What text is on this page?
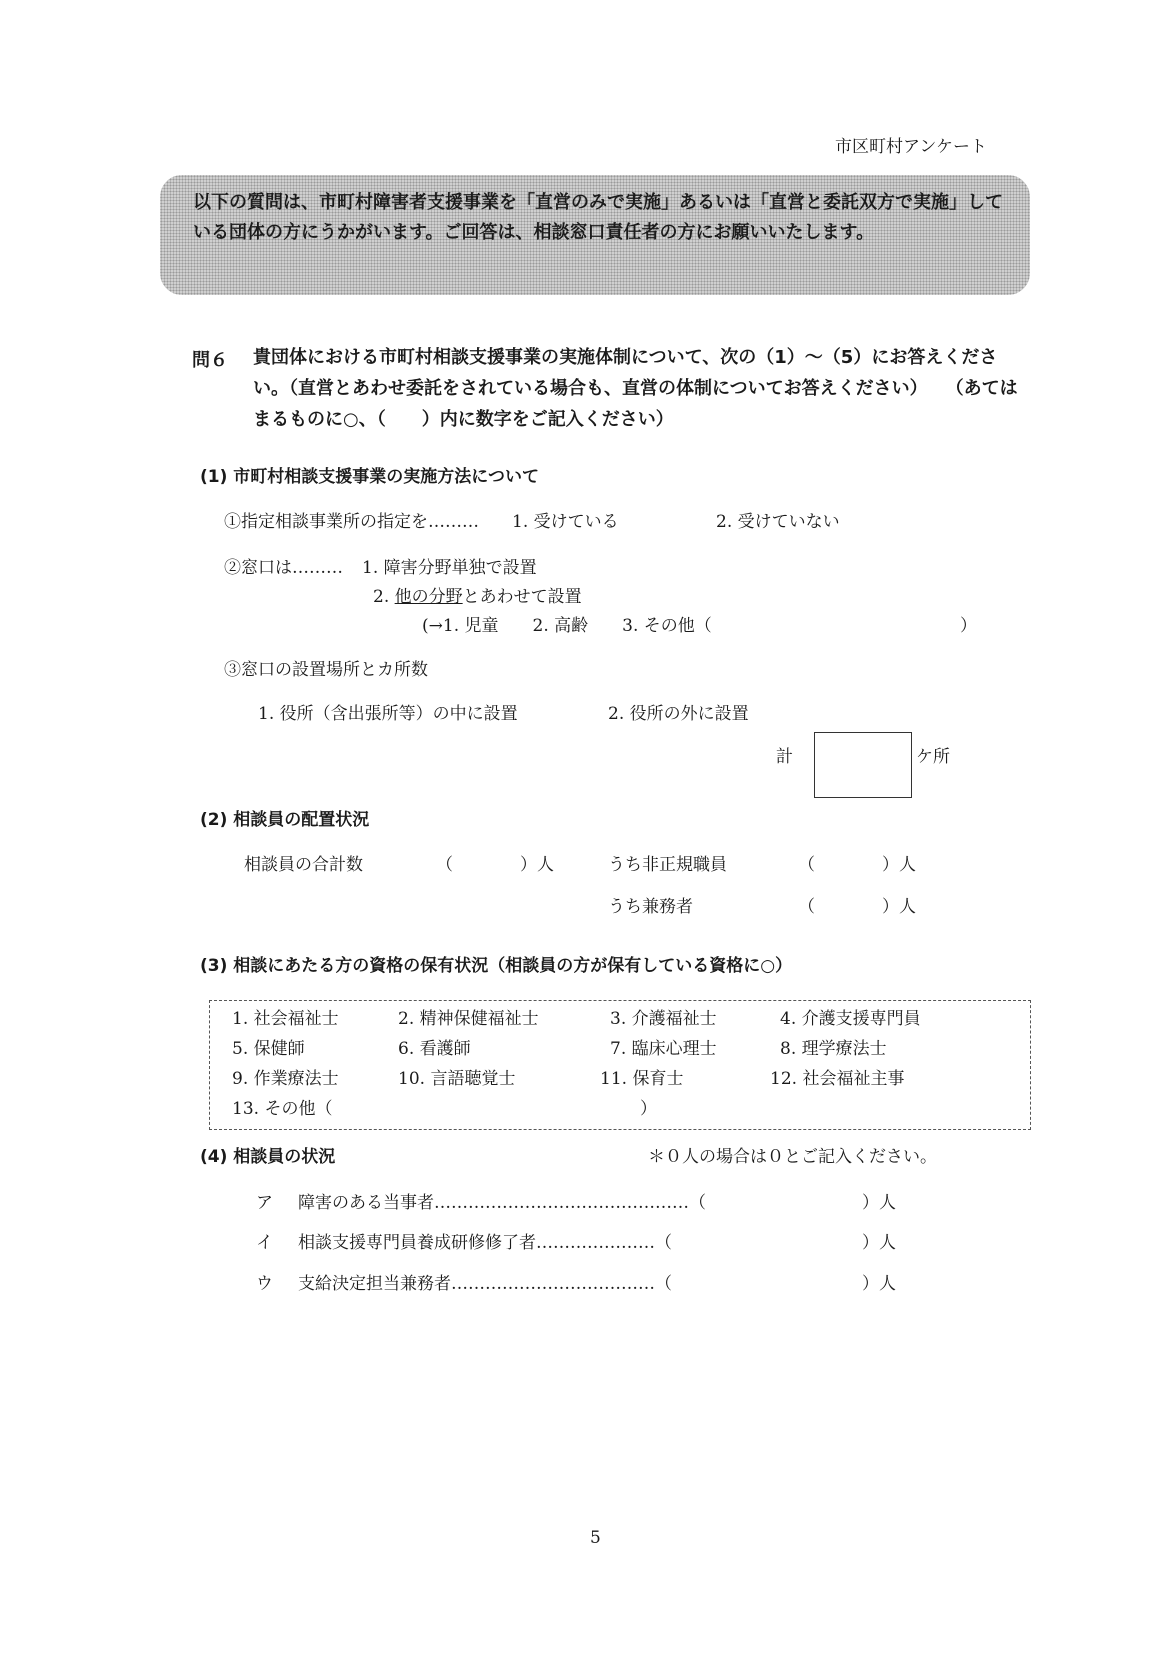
市区町村アンケート
以下の質問は、市町村障害者支援事業を「直営のみで実施」あるいは「直営と委託双方で実施」している団体の方にうかがいます。ご回答は、相談窓口責任者の方にお願いいたします。
問６ 貴団体における市町村相談支援事業の実施体制について、次の（1）～（5）にお答えください。（直営とあわせ委託をされている場合も、直営の体制についてお答えください）　　（あてはまるものに○、（　　）内に数字をご記入ください）
(1) 市町村相談支援事業の実施方法について
①指定相談事業所の指定を……… 1. 受けている	2. 受けていない
②窓口は……… 1. 障害分野単独で設置
2. 他の分野とあわせて設置
(→1. 児童　　2. 高齢　　3. その他（	）
③窓口の設置場所とカ所数
1. 役所（含出張所等）の中に設置	2. 役所の外に設置
計	ケ所
(2) 相談員の配置状況
相談員の合計数	（	）人	うち非正規職員	（	）人
うち兼務者	（	）人
(3) 相談にあたる方の資格の保有状況（相談員の方が保有している資格に○）
1. 社会福祉士	2. 精神保健福祉士	3. 介護福祉士	4. 介護支援専門員
5. 保健師	6. 看護師	7. 臨床心理士	8. 理学療法士
9. 作業療法士	10. 言語聴覚士	11. 保育士	12. 社会福祉主事
13. その他（	）
(4) 相談員の状況	＊０人の場合は０とご記入ください。
ア 障害のある当事者………………………………………（	）人
イ 相談支援専門員養成研修修了者…………………（	）人
ウ 支給決定担当兼務者………………………………（	）人
5
